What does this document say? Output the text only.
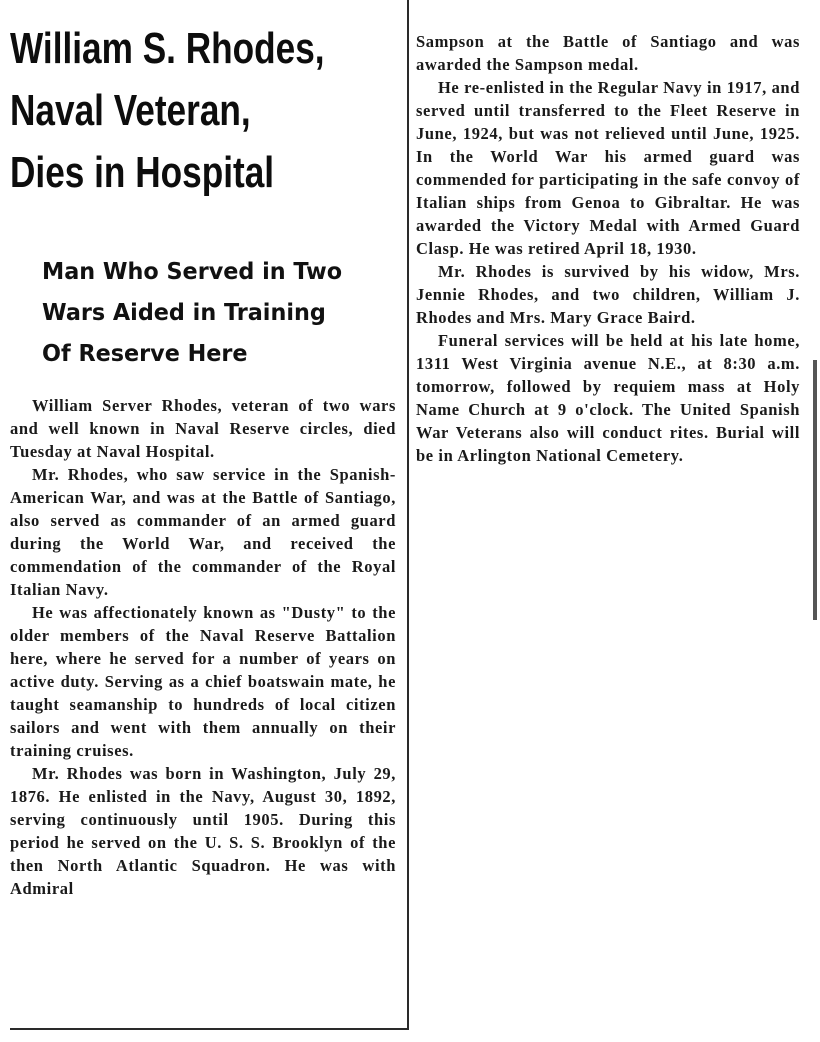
William S. Rhodes,
Naval Veteran,
Dies in Hospital
Man Who Served in Two
Wars Aided in Training
Of Reserve Here

William Server Rhodes, veteran of two wars and well known in Naval Reserve circles, died Tuesday at Naval Hospital.

Mr. Rhodes, who saw service in the Spanish-American War, and was at the Battle of Santiago, also served as commander of an armed guard during the World War, and received the commendation of the commander of the Royal Italian Navy.

He was affectionately known as "Dusty" to the older members of the Naval Reserve Battalion here, where he served for a number of years on active duty. Serving as a chief boatswain mate, he taught seamanship to hundreds of local citizen sailors and went with them annually on their training cruises.

Mr. Rhodes was born in Washington, July 29, 1876. He enlisted in the Navy, August 30, 1892, serving continuously until 1905. During this period he served on the U. S. S. Brooklyn of the then North Atlantic Squadron. He was with Admiral

Sampson at the Battle of Santiago and was awarded the Sampson medal.

He re-enlisted in the Regular Navy in 1917, and served until transferred to the Fleet Reserve in June, 1924, but was not relieved until June, 1925. In the World War his armed guard was commended for participating in the safe convoy of Italian ships from Genoa to Gibraltar. He was awarded the Victory Medal with Armed Guard Clasp. He was retired April 18, 1930.

Mr. Rhodes is survived by his widow, Mrs. Jennie Rhodes, and two children, William J. Rhodes and Mrs. Mary Grace Baird.

Funeral services will be held at his late home, 1311 West Virginia avenue N.E., at 8:30 a.m. tomorrow, followed by requiem mass at Holy Name Church at 9 o'clock. The United Spanish War Veterans also will conduct rites. Burial will be in Arlington National Cemetery.
